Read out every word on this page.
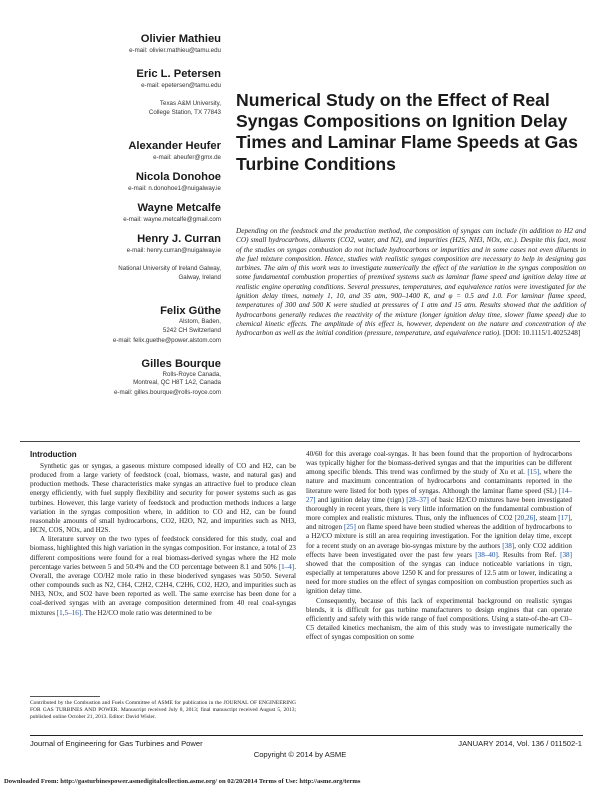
Olivier Mathieu
e-mail: olivier.mathieu@tamu.edu
Eric L. Petersen
e-mail: epetersen@tamu.edu
Texas A&M University,
College Station, TX 77843
Alexander Heufer
e-mail: aheufer@gmx.de
Nicola Donohoe
e-mail: n.donohoe1@nuigalway.ie
Wayne Metcalfe
e-mail: wayne.metcalfe@gmail.com
Henry J. Curran
e-mail: henry.curran@nuigalway.ie
National University of Ireland Galway,
Galway, Ireland
Felix Güthe
Alstom, Baden,
5242 CH Switzerland
e-mail: felix.guethe@power.alstom.com
Gilles Bourque
Rolls-Royce Canada,
Montreal, QC H8T 1A2, Canada
e-mail: gilles.bourque@rolls-royce.com
Numerical Study on the Effect of Real Syngas Compositions on Ignition Delay Times and Laminar Flame Speeds at Gas Turbine Conditions
Depending on the feedstock and the production method, the composition of syngas can include (in addition to H2 and CO) small hydrocarbons, diluents (CO2, water, and N2), and impurities (H2S, NH3, NOx, etc.). Despite this fact, most of the studies on syngas combustion do not include hydrocarbons or impurities and in some cases not even diluents in the fuel mixture composition. Hence, studies with realistic syngas composition are necessary to help in designing gas turbines. The aim of this work was to investigate numerically the effect of the variation in the syngas composition on some fundamental combustion properties of premixed systems such as laminar flame speed and ignition delay time at realistic engine operating conditions. Several pressures, temperatures, and equivalence ratios were investigated for the ignition delay times, namely 1, 10, and 35 atm, 900–1400 K, and φ = 0.5 and 1.0. For laminar flame speed, temperatures of 300 and 500 K were studied at pressures of 1 atm and 15 atm. Results showed that the addition of hydrocarbons generally reduces the reactivity of the mixture (longer ignition delay time, slower flame speed) due to chemical kinetic effects. The amplitude of this effect is, however, dependent on the nature and concentration of the hydrocarbon as well as the initial condition (pressure, temperature, and equivalence ratio). [DOI: 10.1115/1.4025248]
Introduction

Synthetic gas or syngas, a gaseous mixture composed ideally of CO and H2, can be produced from a large variety of feedstock (coal, biomass, waste, and natural gas) and production methods. These characteristics make syngas an attractive fuel to produce clean energy efficiently, with fuel supply flexibility and security for power systems such as gas turbines. However, this large variety of feedstock and production methods induces a large variation in the syngas composition where, in addition to CO and H2, can be found reasonable amounts of small hydrocarbons, CO2, H2O, N2, and impurities such as NH3, HCN, COS, NOx, and H2S.

A literature survey on the two types of feedstock considered for this study, coal and biomass, highlighted this high variation in the syngas composition. For instance, a total of 23 different compositions were found for a real biomass-derived syngas where the H2 mole percentage varies between 5 and 50.4% and the CO percentage between 8.1 and 50% [1–4]. Overall, the average CO/H2 mole ratio in these bioderived syngases was 50/50. Several other compounds such as N2, CH4, C2H2, C2H4, C2H6, CO2, H2O, and impurities such as NH3, NOx, and SO2 have been reported as well. The same exercise has been done for a coal-derived syngas with an average composition determined from 40 real coal-syngas mixtures [1,5–16]. The H2/CO mole ratio was determined to be

Contributed by the Combustion and Fuels Committee of ASME for publication in the JOURNAL OF ENGINEERING FOR GAS TURBINES AND POWER. Manuscript received July 8, 2013; final manuscript received August 5, 2013; published online October 21, 2013. Editor: David Wisler.

40/60 for this average coal-syngas. It has been found that the proportion of hydrocarbons was typically higher for the biomass-derived syngas and that the impurities can be different among specific blends. This trend was confirmed by the study of Xu et al. [15], where the nature and maximum concentration of hydrocarbons and contaminants reported in the literature were listed for both types of syngas. Although the laminar flame speed (SL) [14–27] and ignition delay time (τign) [28–37] of basic H2/CO mixtures have been investigated thoroughly in recent years, there is very little information on the fundamental combustion of more complex and realistic mixtures. Thus, only the influences of CO2 [20,26], steam [17], and nitrogen [25] on flame speed have been studied whereas the addition of hydrocarbons to a H2/CO mixture is still an area requiring investigation. For the ignition delay time, except for a recent study on an average bio-syngas mixture by the authors [38], only CO2 addition effects have been investigated over the past few years [38–40]. Results from Ref. [38] showed that the composition of the syngas can induce noticeable variations in τign, especially at temperatures above 1250 K and for pressures of 12.5 atm or lower, indicating a need for more studies on the effect of syngas composition on combustion properties such as ignition delay time.

Consequently, because of this lack of experimental background on realistic syngas blends, it is difficult for gas turbine manufacturers to design engines that can operate efficiently and safely with this wide range of fuel compositions. Using a state-of-the-art C0–C5 detailed kinetics mechanism, the aim of this study was to investigate numerically the effect of syngas composition on some

Journal of Engineering for Gas Turbines and Power	JANUARY 2014, Vol. 136 / 011502-1
Copyright © 2014 by ASME
Downloaded From: http://gasturbinespower.asmedigitalcollection.asme.org/ on 02/20/2014 Terms of Use: http://asme.org/terms
